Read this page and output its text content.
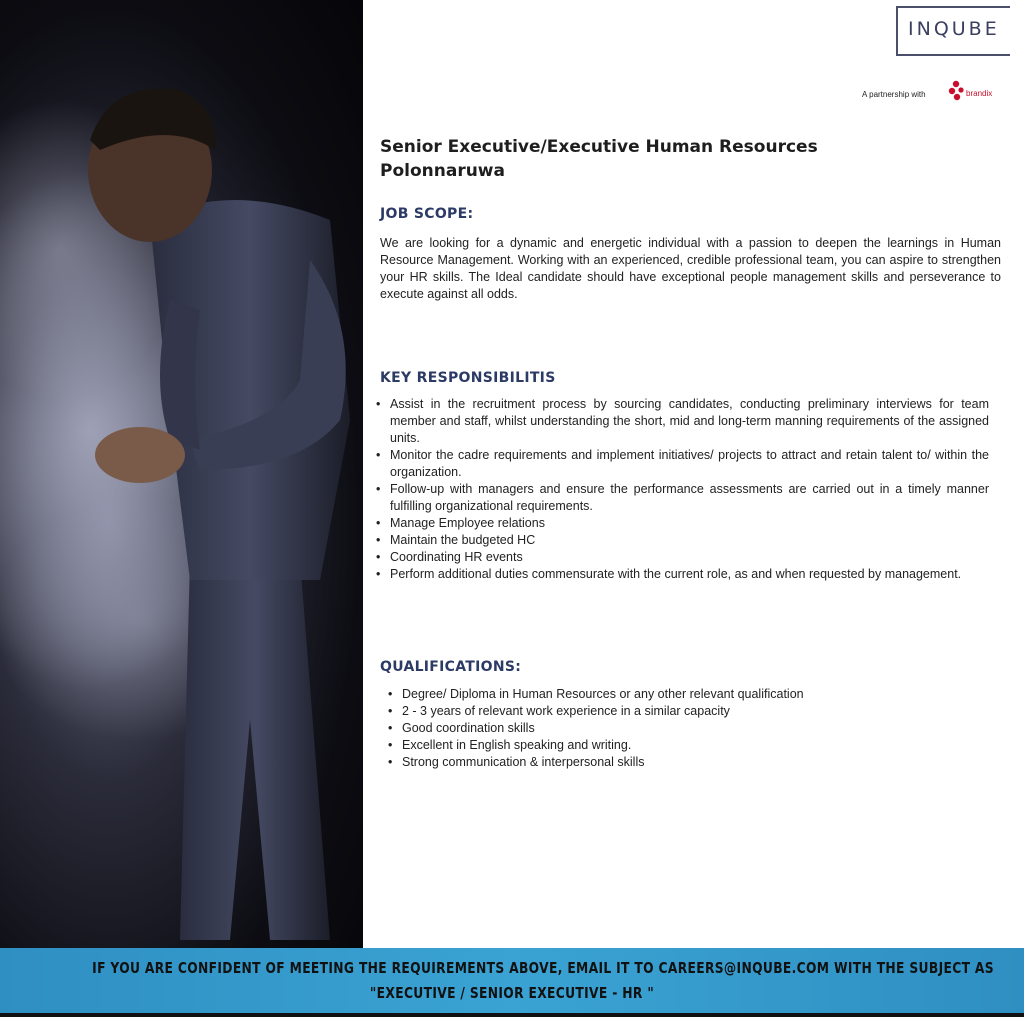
INQUBE
A partnership with	brandix
Senior Executive/Executive Human Resources
Polonnaruwa
JOB SCOPE:
We are looking for a dynamic and energetic individual with a passion to deepen the learnings in Human Resource Management. Working with an experienced, credible professional team, you can aspire to strengthen your HR skills. The Ideal candidate should have exceptional people management skills and perseverance to execute against all odds.
KEY RESPONSIBILITIS
• Assist in the recruitment process by sourcing candidates, conducting preliminary interviews for team member and staff, whilst understanding the short, mid and long-term manning requirements of the assigned units.
• Monitor the cadre requirements and implement initiatives/ projects to attract and retain talent to/ within the organization.
• Follow-up with managers and ensure the performance assessments are carried out in a timely manner fulfilling organizational requirements.
• Manage Employee relations
• Maintain the budgeted HC
• Coordinating HR events
• Perform additional duties commensurate with the current role, as and when requested by management.
QUALIFICATIONS:
• Degree/ Diploma in Human Resources or any other relevant qualification
• 2 - 3 years of relevant work experience in a similar capacity
• Good coordination skills
• Excellent in English speaking and writing.
• Strong communication & interpersonal skills
IF YOU ARE CONFIDENT OF MEETING THE REQUIREMENTS ABOVE, EMAIL IT TO CAREERS@INQUBE.COM WITH THE SUBJECT AS
"EXECUTIVE / SENIOR EXECUTIVE - HR "
